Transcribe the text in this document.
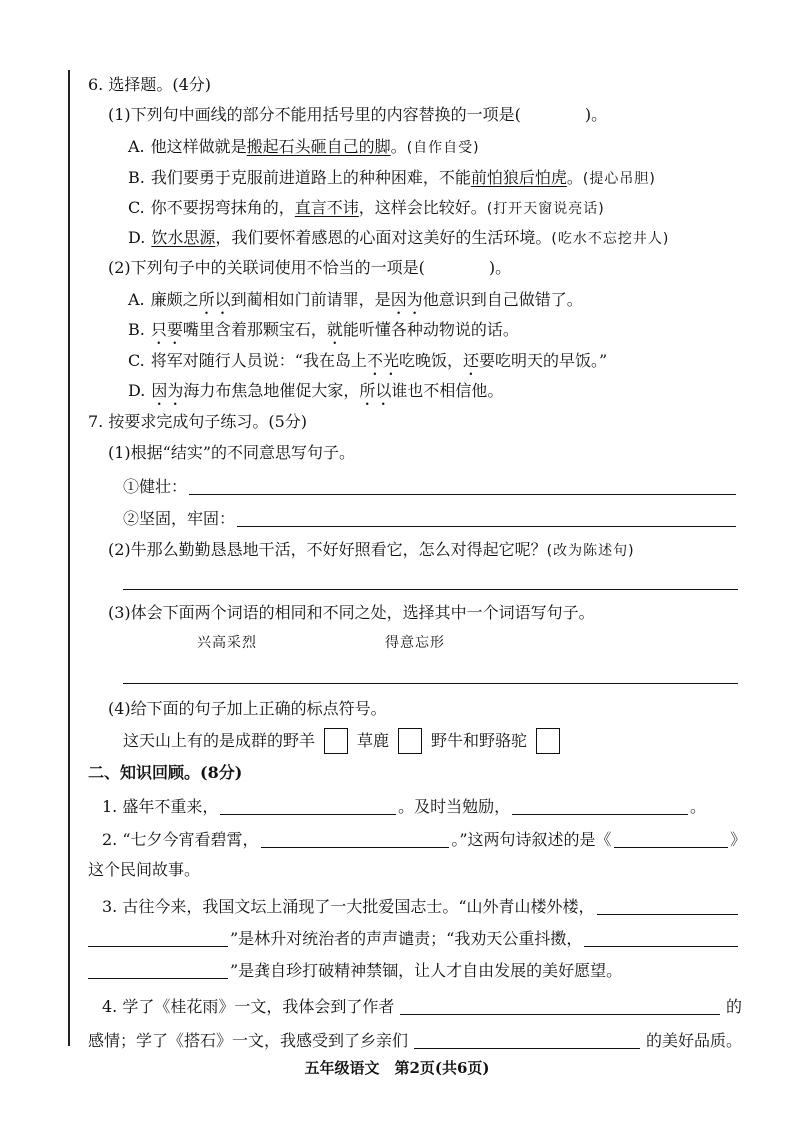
6. 选择题。(4分)
(1)下列句中画线的部分不能用括号里的内容替换的一项是(　　　　)。
A. 他这样做就是搬起石头砸自己的脚。(自作自受)
B. 我们要勇于克服前进道路上的种种困难，不能前怕狼后怕虎。(提心吊胆)
C. 你不要拐弯抹角的，直言不讳，这样会比较好。(打开天窗说亮话)
D. 饮水思源，我们要怀着感恩的心面对这美好的生活环境。(吃水不忘挖井人)
(2)下列句子中的关联词使用不恰当的一项是(　　　　)。
A. 廉颇之所以到蔺相如门前请罪，是因为他意识到自己做错了。
B. 只要嘴里含着那颗宝石，就能听懂各种动物说的话。
C. 将军对随行人员说：“我在岛上不光吃晚饭，还要吃明天的早饭。”
D. 因为海力布焦急地催促大家，所以谁也不相信他。
7. 按要求完成句子练习。(5分)
(1)根据“结实”的不同意思写句子。
①健壮：
②坚固，牢固：
(2)牛那么勤勤恳恳地干活，不好好照看它，怎么对得起它呢？(改为陈述句)
(3)体会下面两个词语的相同和不同之处，选择其中一个词语写句子。
兴高采烈	得意忘形
(4)给下面的句子加上正确的标点符号。
这天山上有的是成群的野羊	草鹿	野牛和野骆驼
二、知识回顾。(8分)
1. 盛年不重来，	。及时当勉励，	。
2. “七夕今宵看碧霄，	。”这两句诗叙述的是《	》
这个民间故事。
3. 古往今来，我国文坛上涌现了一大批爱国志士。“山外青山楼外楼，
”是林升对统治者的声声谴责；“我劝天公重抖擞，
”是龚自珍打破精神禁锢，让人才自由发展的美好愿望。
4. 学了《桂花雨》一文，我体会到了作者	的
感情；学了《搭石》一文，我感受到了乡亲们	的美好品质。
五年级语文　第2页(共6页)
